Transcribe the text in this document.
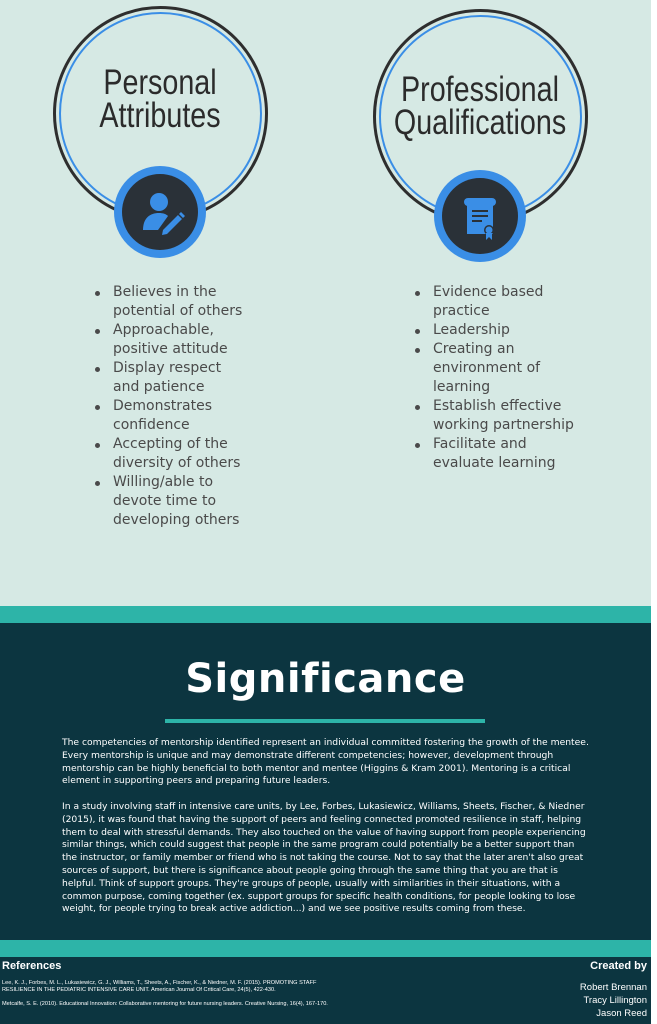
Personal
Attributes
Professional
Qualifications
Believes in the potential of others
Approachable, positive attitude
Display respect and patience
Demonstrates confidence
Accepting of the diversity of others
Willing/able to devote time to developing others
Evidence based practice
Leadership
Creating an environment of learning
Establish effective working partnership
Facilitate and evaluate learning
Significance

The competencies of mentorship identified represent an individual committed fostering the growth of the mentee. Every mentorship is unique and may demonstrate different competencies; however, development through mentorship can be highly beneficial to both mentor and mentee (Higgins & Kram 2001). Mentoring is a critical element in supporting peers and preparing future leaders.

In a study involving staff in intensive care units, by Lee, Forbes, Lukasiewicz, Williams, Sheets, Fischer, & Niedner (2015), it was found that having the support of peers and feeling connected promoted resilience in staff, helping them to deal with stressful demands. They also touched on the value of having support from people experiencing similar things, which could suggest that people in the same program could potentially be a better support than the instructor, or family member or friend who is not taking the course. Not to say that the later aren't also great sources of support, but there is significance about people going through the same thing that you are that is helpful. Think of support groups. They're groups of people, usually with similarities in their situations, with a common purpose, coming together (ex. support groups for specific health conditions, for people looking to lose weight, for people trying to break active addiction...) and we see positive results coming from these.

References

Lee, K. J., Forbes, M. L., Lukasiewicz, G. J., Williams, T., Sheets, A., Fischer, K., & Niedner, M. F. (2015). PROMOTING STAFF RESILIENCE IN THE PEDIATRIC INTENSIVE CARE UNIT. American Journal Of Critical Care, 24(5), 422-430.

Metcalfe, S. E. (2010). Educational Innovation: Collaborative mentoring for future nursing leaders. Creative Nursing, 16(4), 167-170.

Created by
Robert Brennan
Tracy Lillington
Jason Reed
